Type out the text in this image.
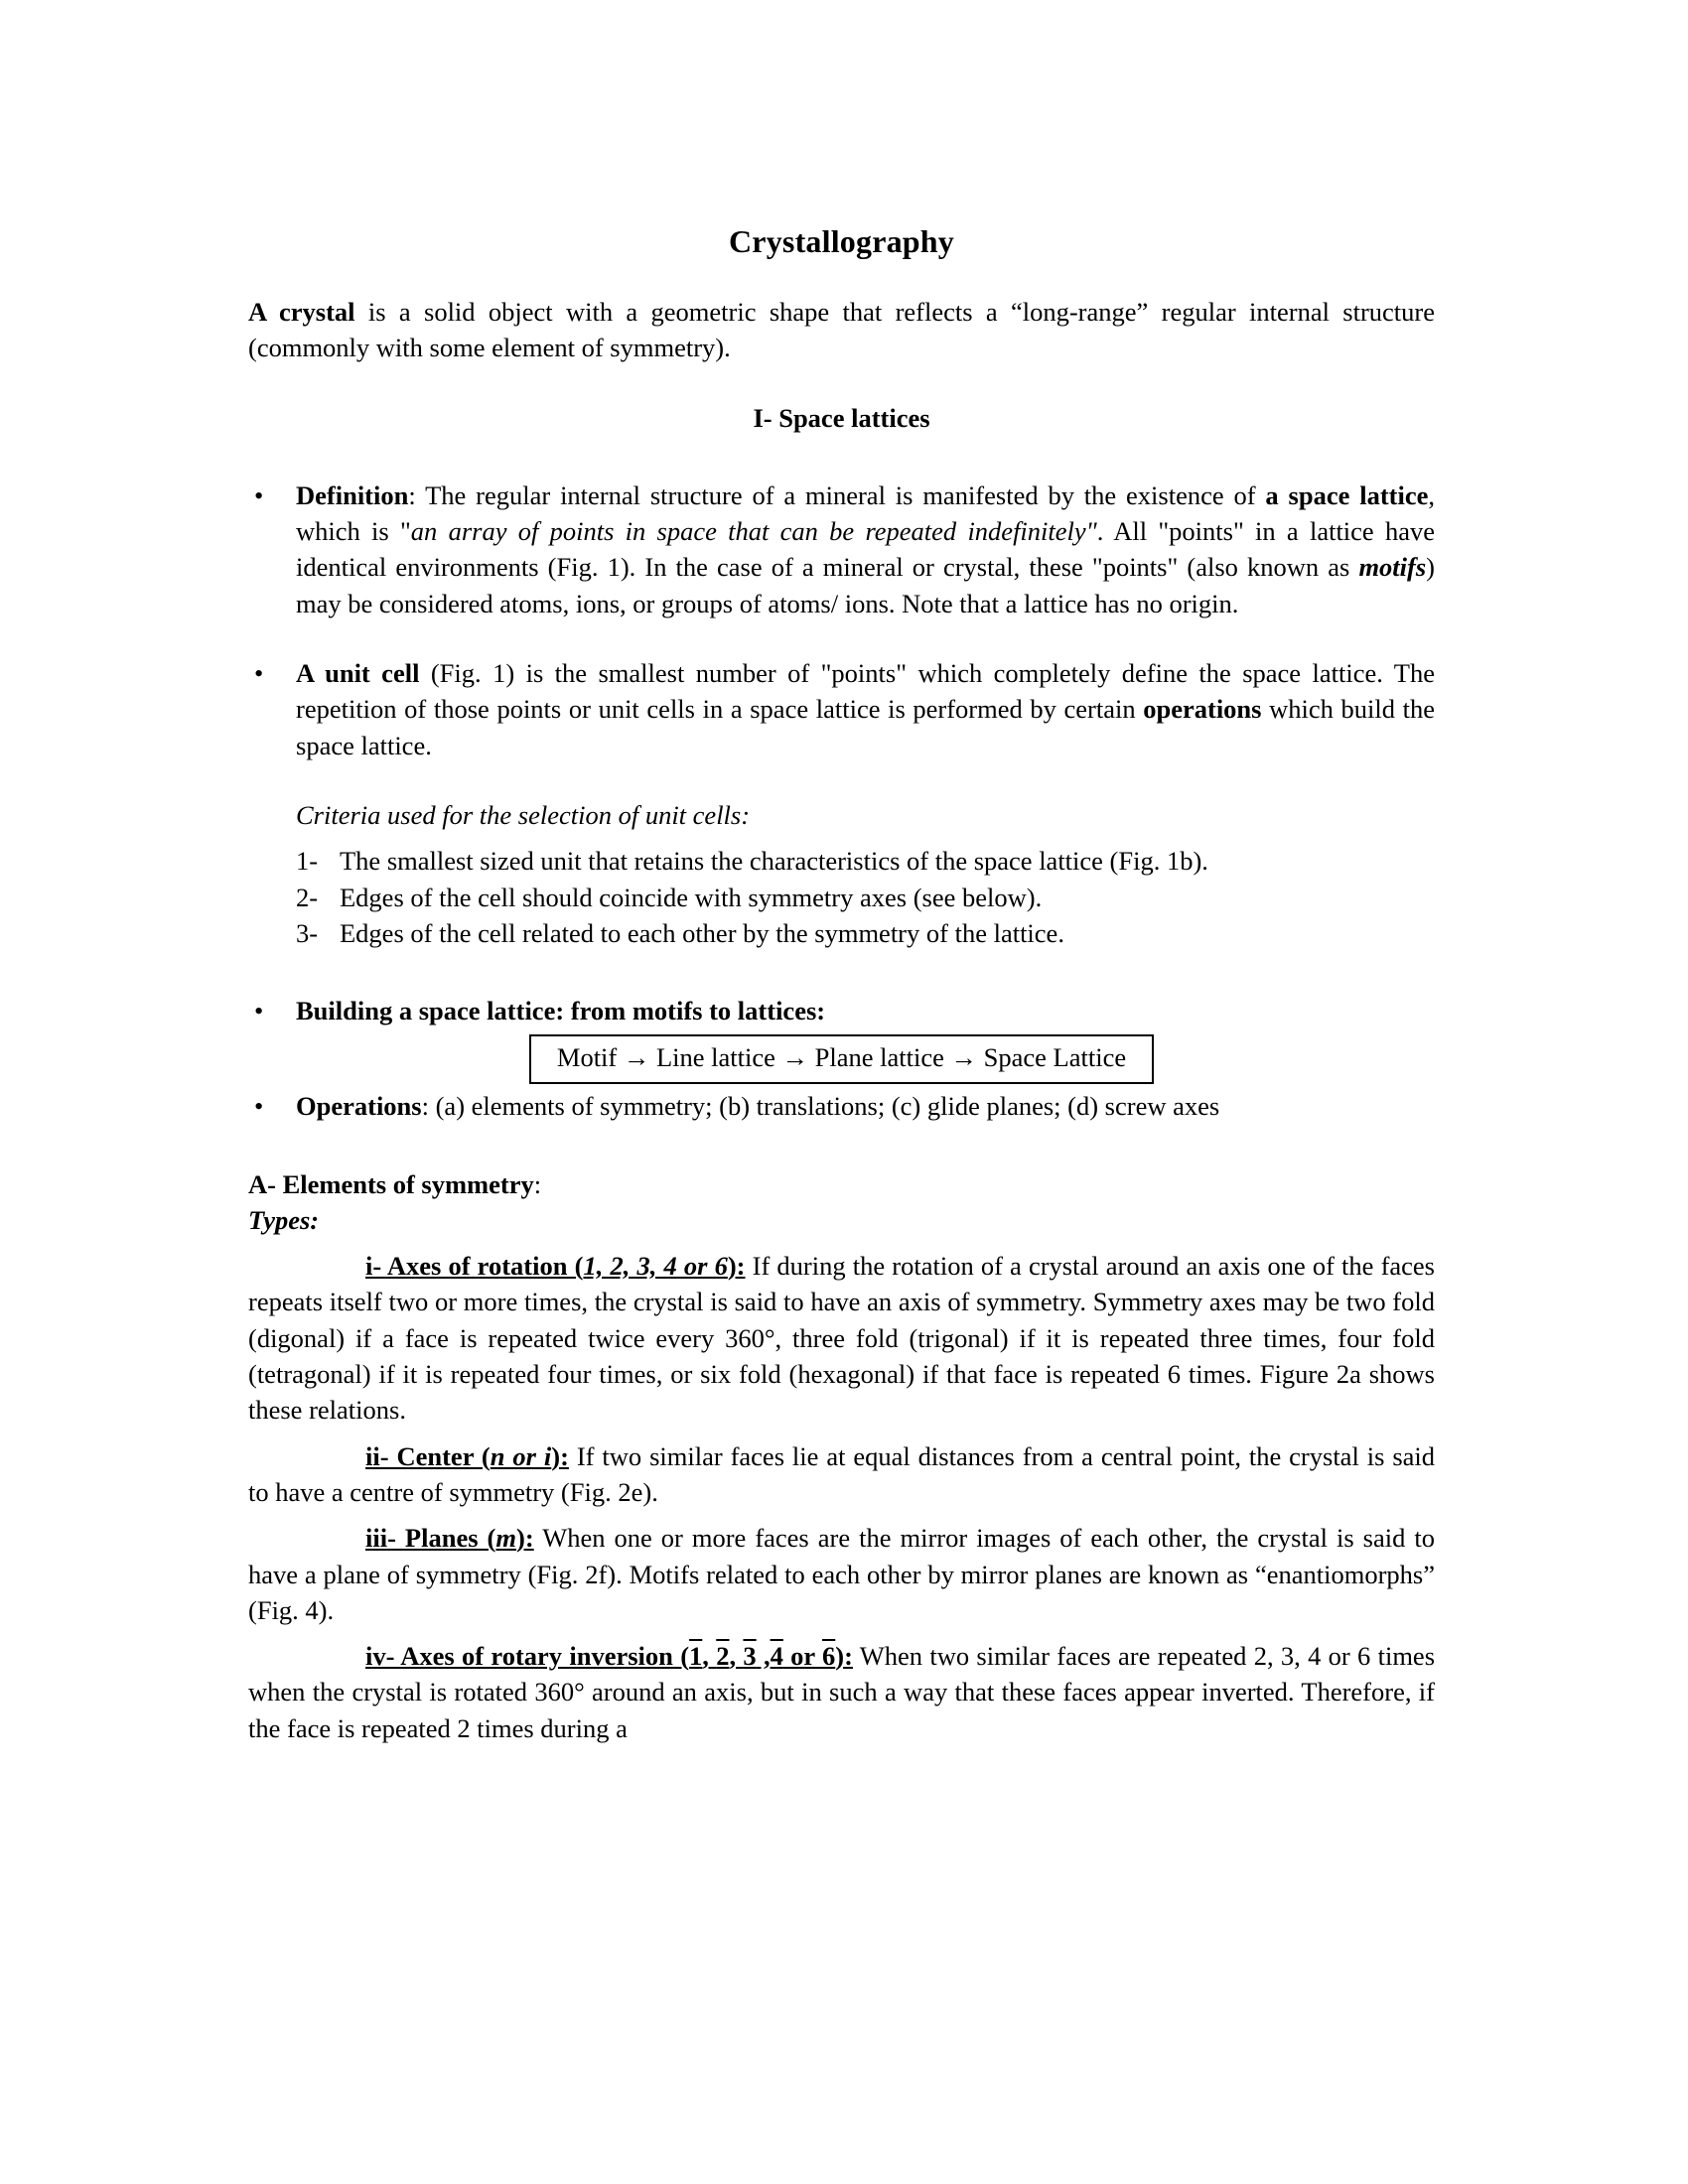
Crystallography

A crystal is a solid object with a geometric shape that reflects a “long-range” regular internal structure (commonly with some element of symmetry).

I- Space lattices

•	Definition: The regular internal structure of a mineral is manifested by the existence of a space lattice, which is "an array of points in space that can be repeated indefinitely". All "points" in a lattice have identical environments (Fig. 1). In the case of a mineral or crystal, these "points" (also known as motifs) may be considered atoms, ions, or groups of atoms/ ions. Note that a lattice has no origin.
•	A unit cell (Fig. 1) is the smallest number of "points" which completely define the space lattice. The repetition of those points or unit cells in a space lattice is performed by certain operations which build the space lattice.
Criteria used for the selection of unit cells:
1- The smallest sized unit that retains the characteristics of the space lattice (Fig. 1b).
2- Edges of the cell should coincide with symmetry axes (see below).
3- Edges of the cell related to each other by the symmetry of the lattice.
•	Building a space lattice: from motifs to lattices:
Motif → Line lattice → Plane lattice → Space Lattice
•	Operations: (a) elements of symmetry; (b) translations; (c) glide planes; (d) screw axes

A- Elements of symmetry:

Types:

i- Axes of rotation (1, 2, 3, 4 or 6): If during the rotation of a crystal around an axis one of the faces repeats itself two or more times, the crystal is said to have an axis of symmetry. Symmetry axes may be two fold (digonal) if a face is repeated twice every 360°, three fold (trigonal) if it is repeated three times, four fold (tetragonal) if it is repeated four times, or six fold (hexagonal) if that face is repeated 6 times. Figure 2a shows these relations.

ii- Center (n or i): If two similar faces lie at equal distances from a central point, the crystal is said to have a centre of symmetry (Fig. 2e).

iii- Planes (m): When one or more faces are the mirror images of each other, the crystal is said to have a plane of symmetry (Fig. 2f). Motifs related to each other by mirror planes are known as “enantiomorphs” (Fig. 4).

iv- Axes of rotary inversion (1, 2, 3 ,4 or 6): When two similar faces are repeated 2, 3, 4 or 6 times when the crystal is rotated 360° around an axis, but in such a way that these faces appear inverted. Therefore, if the face is repeated 2 times during a
